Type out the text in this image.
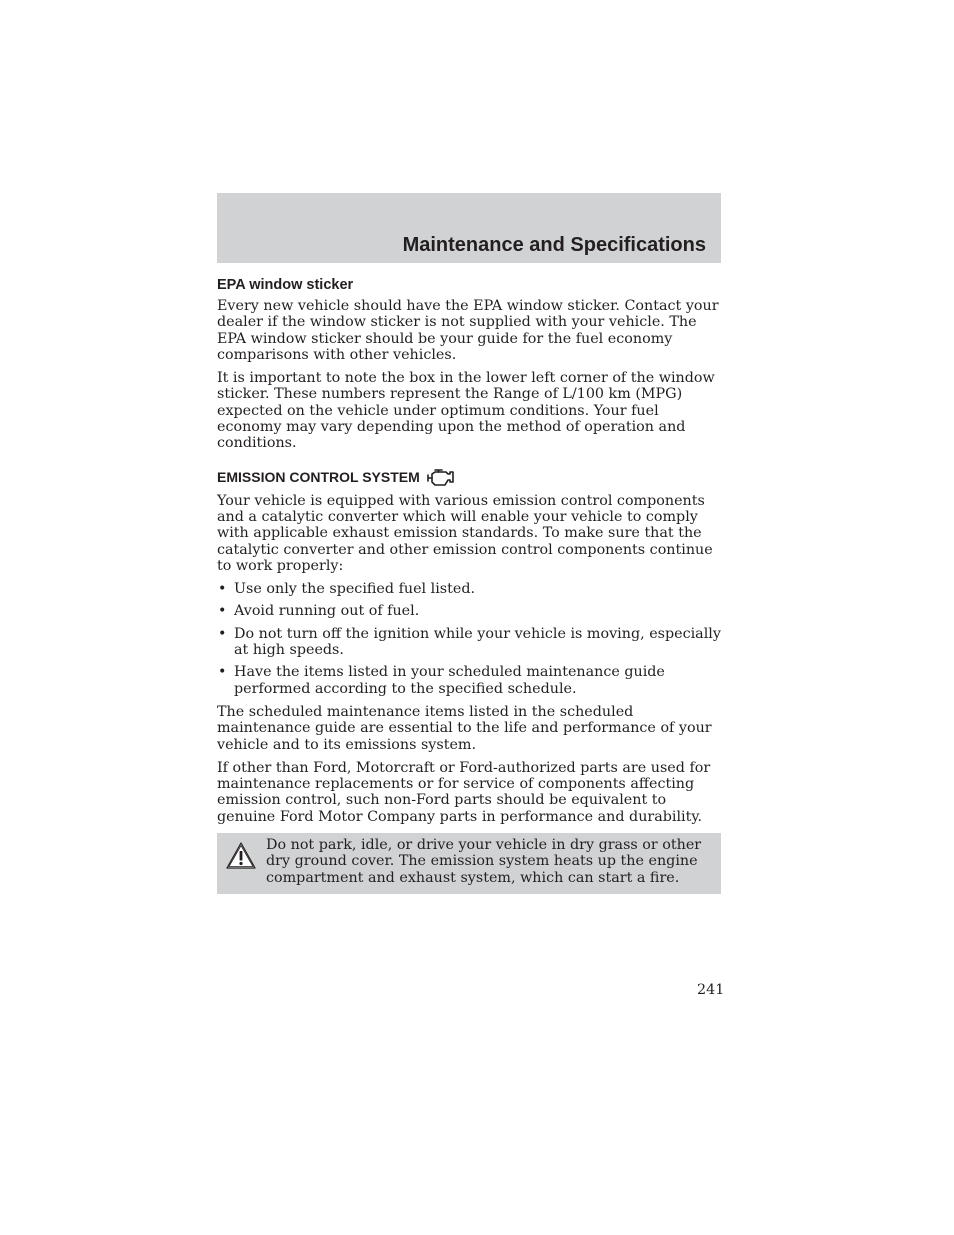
Maintenance and Specifications
EPA window sticker

Every new vehicle should have the EPA window sticker. Contact your dealer if the window sticker is not supplied with your vehicle. The EPA window sticker should be your guide for the fuel economy comparisons with other vehicles.

It is important to note the box in the lower left corner of the window sticker. These numbers represent the Range of L/100 km (MPG) expected on the vehicle under optimum conditions. Your fuel economy may vary depending upon the method of operation and conditions.

EMISSION CONTROL SYSTEM

Your vehicle is equipped with various emission control components and a catalytic converter which will enable your vehicle to comply with applicable exhaust emission standards. To make sure that the catalytic converter and other emission control components continue to work properly:

• Use only the specified fuel listed.
• Avoid running out of fuel.
• Do not turn off the ignition while your vehicle is moving, especially at high speeds.
• Have the items listed in your scheduled maintenance guide performed according to the specified schedule.

The scheduled maintenance items listed in the scheduled maintenance guide are essential to the life and performance of your vehicle and to its emissions system.

If other than Ford, Motorcraft or Ford-authorized parts are used for maintenance replacements or for service of components affecting emission control, such non-Ford parts should be equivalent to genuine Ford Motor Company parts in performance and durability.

Do not park, idle, or drive your vehicle in dry grass or other dry ground cover. The emission system heats up the engine compartment and exhaust system, which can start a fire.
241
